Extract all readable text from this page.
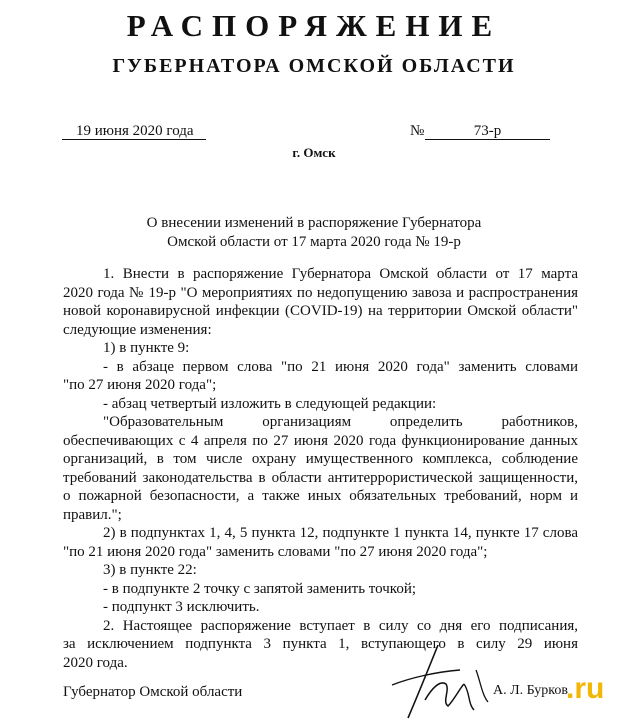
РАСПОРЯЖЕНИЕ
ГУБЕРНАТОРА ОМСКОЙ ОБЛАСТИ
19 июня 2020 года	№	73-р
г. Омск
О внесении изменений в распоряжение Губернатора
Омской области от 17 марта 2020 года № 19-р

1. Внести в распоряжение Губернатора Омской области от 17 марта

2020 года № 19-р "О мероприятиях по недопущению завоза и распространения

новой коронавирусной инфекции (COVID-19) на территории Омской области"

следующие изменения:

1) в пункте 9:

- в абзаце первом слова "по 21 июня 2020 года" заменить словами

"по 27 июня 2020 года";

- абзац четвертый изложить в следующей редакции:

"Образовательным организациям определить работников,

обеспечивающих с 4 апреля по 27 июня 2020 года функционирование данных

организаций, в том числе охрану имущественного комплекса, соблюдение

требований законодательства в области антитеррористической защищенности,

о пожарной безопасности, а также иных обязательных требований, норм и

правил.";

2) в подпунктах 1, 4, 5 пункта 12, подпункте 1 пункта 14, пункте 17 слова

"по 21 июня 2020 года" заменить словами "по 27 июня 2020 года";

3) в пункте 22:

- в подпункте 2 точку с запятой заменить точкой;

- подпункт 3 исключить.

2. Настоящее распоряжение вступает в силу со дня его подписания,

за исключением подпункта 3 пункта 1, вступающего в силу 29 июня

2020 года.

Губернатор Омской области	А. Л. Бурков
.ru
